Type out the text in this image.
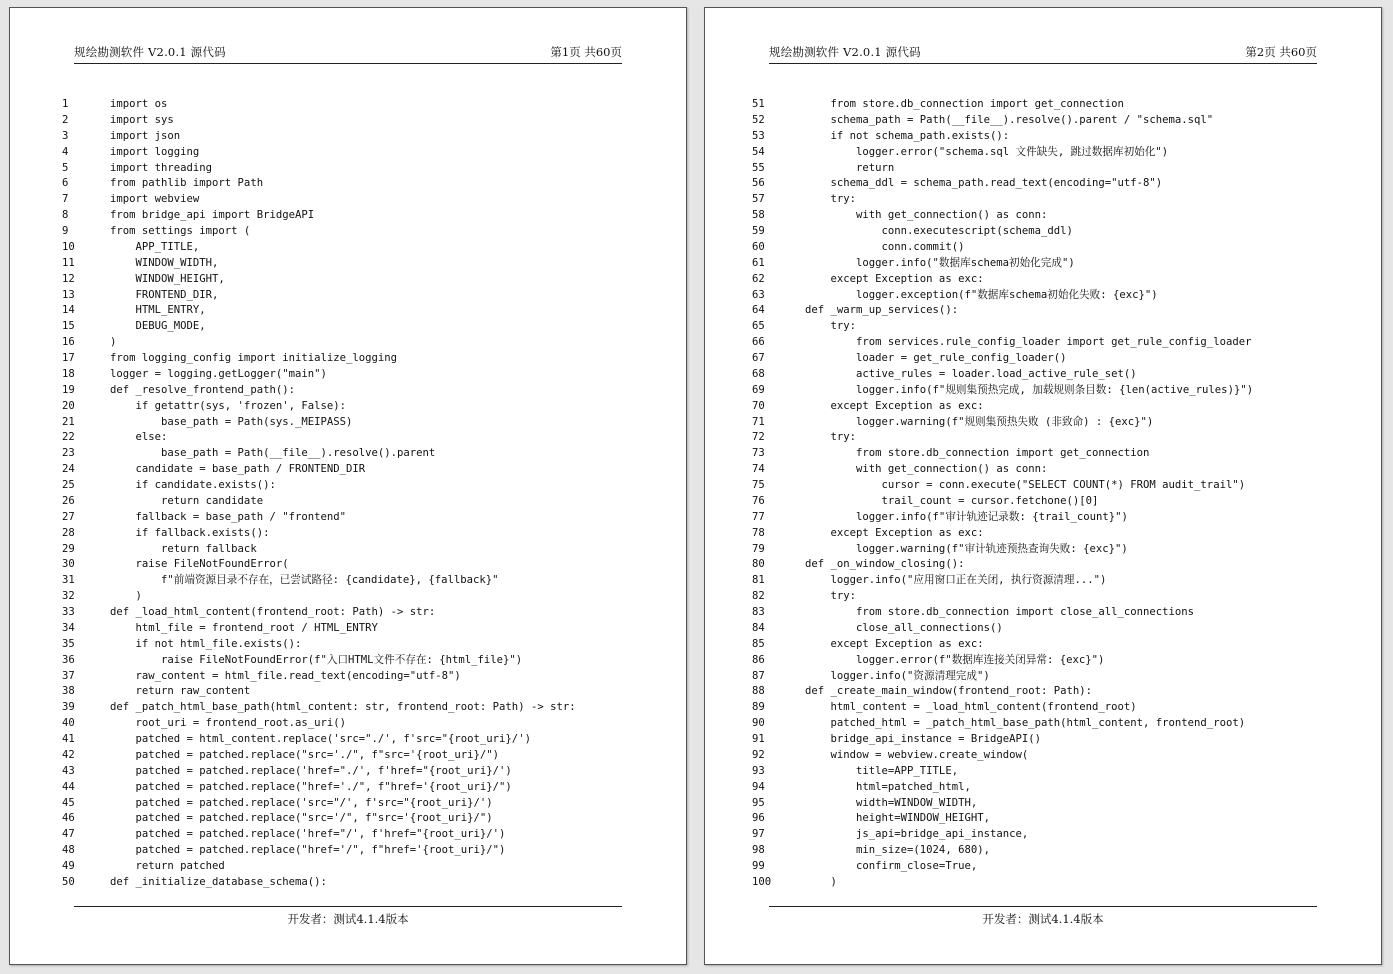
规绘勘测软件 V2.0.1 源代码	第1页 共60页
1	import os
2	import sys
3	import json
4	import logging
5	import threading
6	from pathlib import Path
7	import webview
8	from bridge_api import BridgeAPI
9	from settings import (
10	APP_TITLE,
11	WINDOW_WIDTH,
12	WINDOW_HEIGHT,
13	FRONTEND_DIR,
14	HTML_ENTRY,
15	DEBUG_MODE,
16	)
17	from logging_config import initialize_logging
18	logger = logging.getLogger("main")
19	def _resolve_frontend_path():
20	if getattr(sys, 'frozen', False):
21	base_path = Path(sys._MEIPASS)
22	else:
23	base_path = Path(__file__).resolve().parent
24	candidate = base_path / FRONTEND_DIR
25	if candidate.exists():
26	return candidate
27	fallback = base_path / "frontend"
28	if fallback.exists():
29	return fallback
30	raise FileNotFoundError(
31	f"前端资源目录不存在，已尝试路径: {candidate}, {fallback}"
32	)
33	def _load_html_content(frontend_root: Path) -> str:
34	html_file = frontend_root / HTML_ENTRY
35	if not html_file.exists():
36	raise FileNotFoundError(f"入口HTML文件不存在: {html_file}")
37	raw_content = html_file.read_text(encoding="utf-8")
38	return raw_content
39	def _patch_html_base_path(html_content: str, frontend_root: Path) -> str:
40	root_uri = frontend_root.as_uri()
41	patched = html_content.replace('src="./', f'src="{root_uri}/')
42	patched = patched.replace("src='./", f"src='{root_uri}/")
43	patched = patched.replace('href="./', f'href="{root_uri}/')
44	patched = patched.replace("href='./", f"href='{root_uri}/")
45	patched = patched.replace('src="/', f'src="{root_uri}/')
46	patched = patched.replace("src='/", f"src='{root_uri}/")
47	patched = patched.replace('href="/', f'href="{root_uri}/')
48	patched = patched.replace("href='/", f"href='{root_uri}/")
49	return patched
50	def _initialize_database_schema():
开发者：测试4.1.4版本
规绘勘测软件 V2.0.1 源代码	第2页 共60页
51	from store.db_connection import get_connection
52	schema_path = Path(__file__).resolve().parent / "schema.sql"
53	if not schema_path.exists():
54	logger.error("schema.sql 文件缺失, 跳过数据库初始化")
55	return
56	schema_ddl = schema_path.read_text(encoding="utf-8")
57	try:
58	with get_connection() as conn:
59	conn.executescript(schema_ddl)
60	conn.commit()
61	logger.info("数据库schema初始化完成")
62	except Exception as exc:
63	logger.exception(f"数据库schema初始化失败: {exc}")
64	def _warm_up_services():
65	try:
66	from services.rule_config_loader import get_rule_config_loader
67	loader = get_rule_config_loader()
68	active_rules = loader.load_active_rule_set()
69	logger.info(f"规则集预热完成, 加载规则条目数: {len(active_rules)}")
70	except Exception as exc:
71	logger.warning(f"规则集预热失败 (非致命) : {exc}")
72	try:
73	from store.db_connection import get_connection
74	with get_connection() as conn:
75	cursor = conn.execute("SELECT COUNT(*) FROM audit_trail")
76	trail_count = cursor.fetchone()[0]
77	logger.info(f"审计轨迹记录数: {trail_count}")
78	except Exception as exc:
79	logger.warning(f"审计轨迹预热查询失败: {exc}")
80	def _on_window_closing():
81	logger.info("应用窗口正在关闭, 执行资源清理...")
82	try:
83	from store.db_connection import close_all_connections
84	close_all_connections()
85	except Exception as exc:
86	logger.error(f"数据库连接关闭异常: {exc}")
87	logger.info("资源清理完成")
88	def _create_main_window(frontend_root: Path):
89	html_content = _load_html_content(frontend_root)
90	patched_html = _patch_html_base_path(html_content, frontend_root)
91	bridge_api_instance = BridgeAPI()
92	window = webview.create_window(
93	title=APP_TITLE,
94	html=patched_html,
95	width=WINDOW_WIDTH,
96	height=WINDOW_HEIGHT,
97	js_api=bridge_api_instance,
98	min_size=(1024, 680),
99	confirm_close=True,
100	)
开发者：测试4.1.4版本
